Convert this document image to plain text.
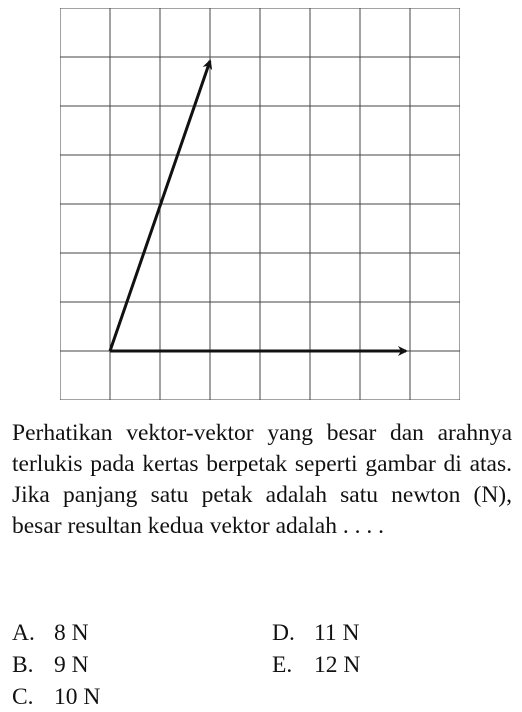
Perhatikan vektor-vektor yang besar dan arahnya terlukis pada kertas berpetak seperti gambar di atas. Jika panjang satu petak adalah satu newton (N), besar resultan kedua vektor adalah . . . .
A. 8 N
B. 9 N
C. 10 N
D. 11 N
E. 12 N
